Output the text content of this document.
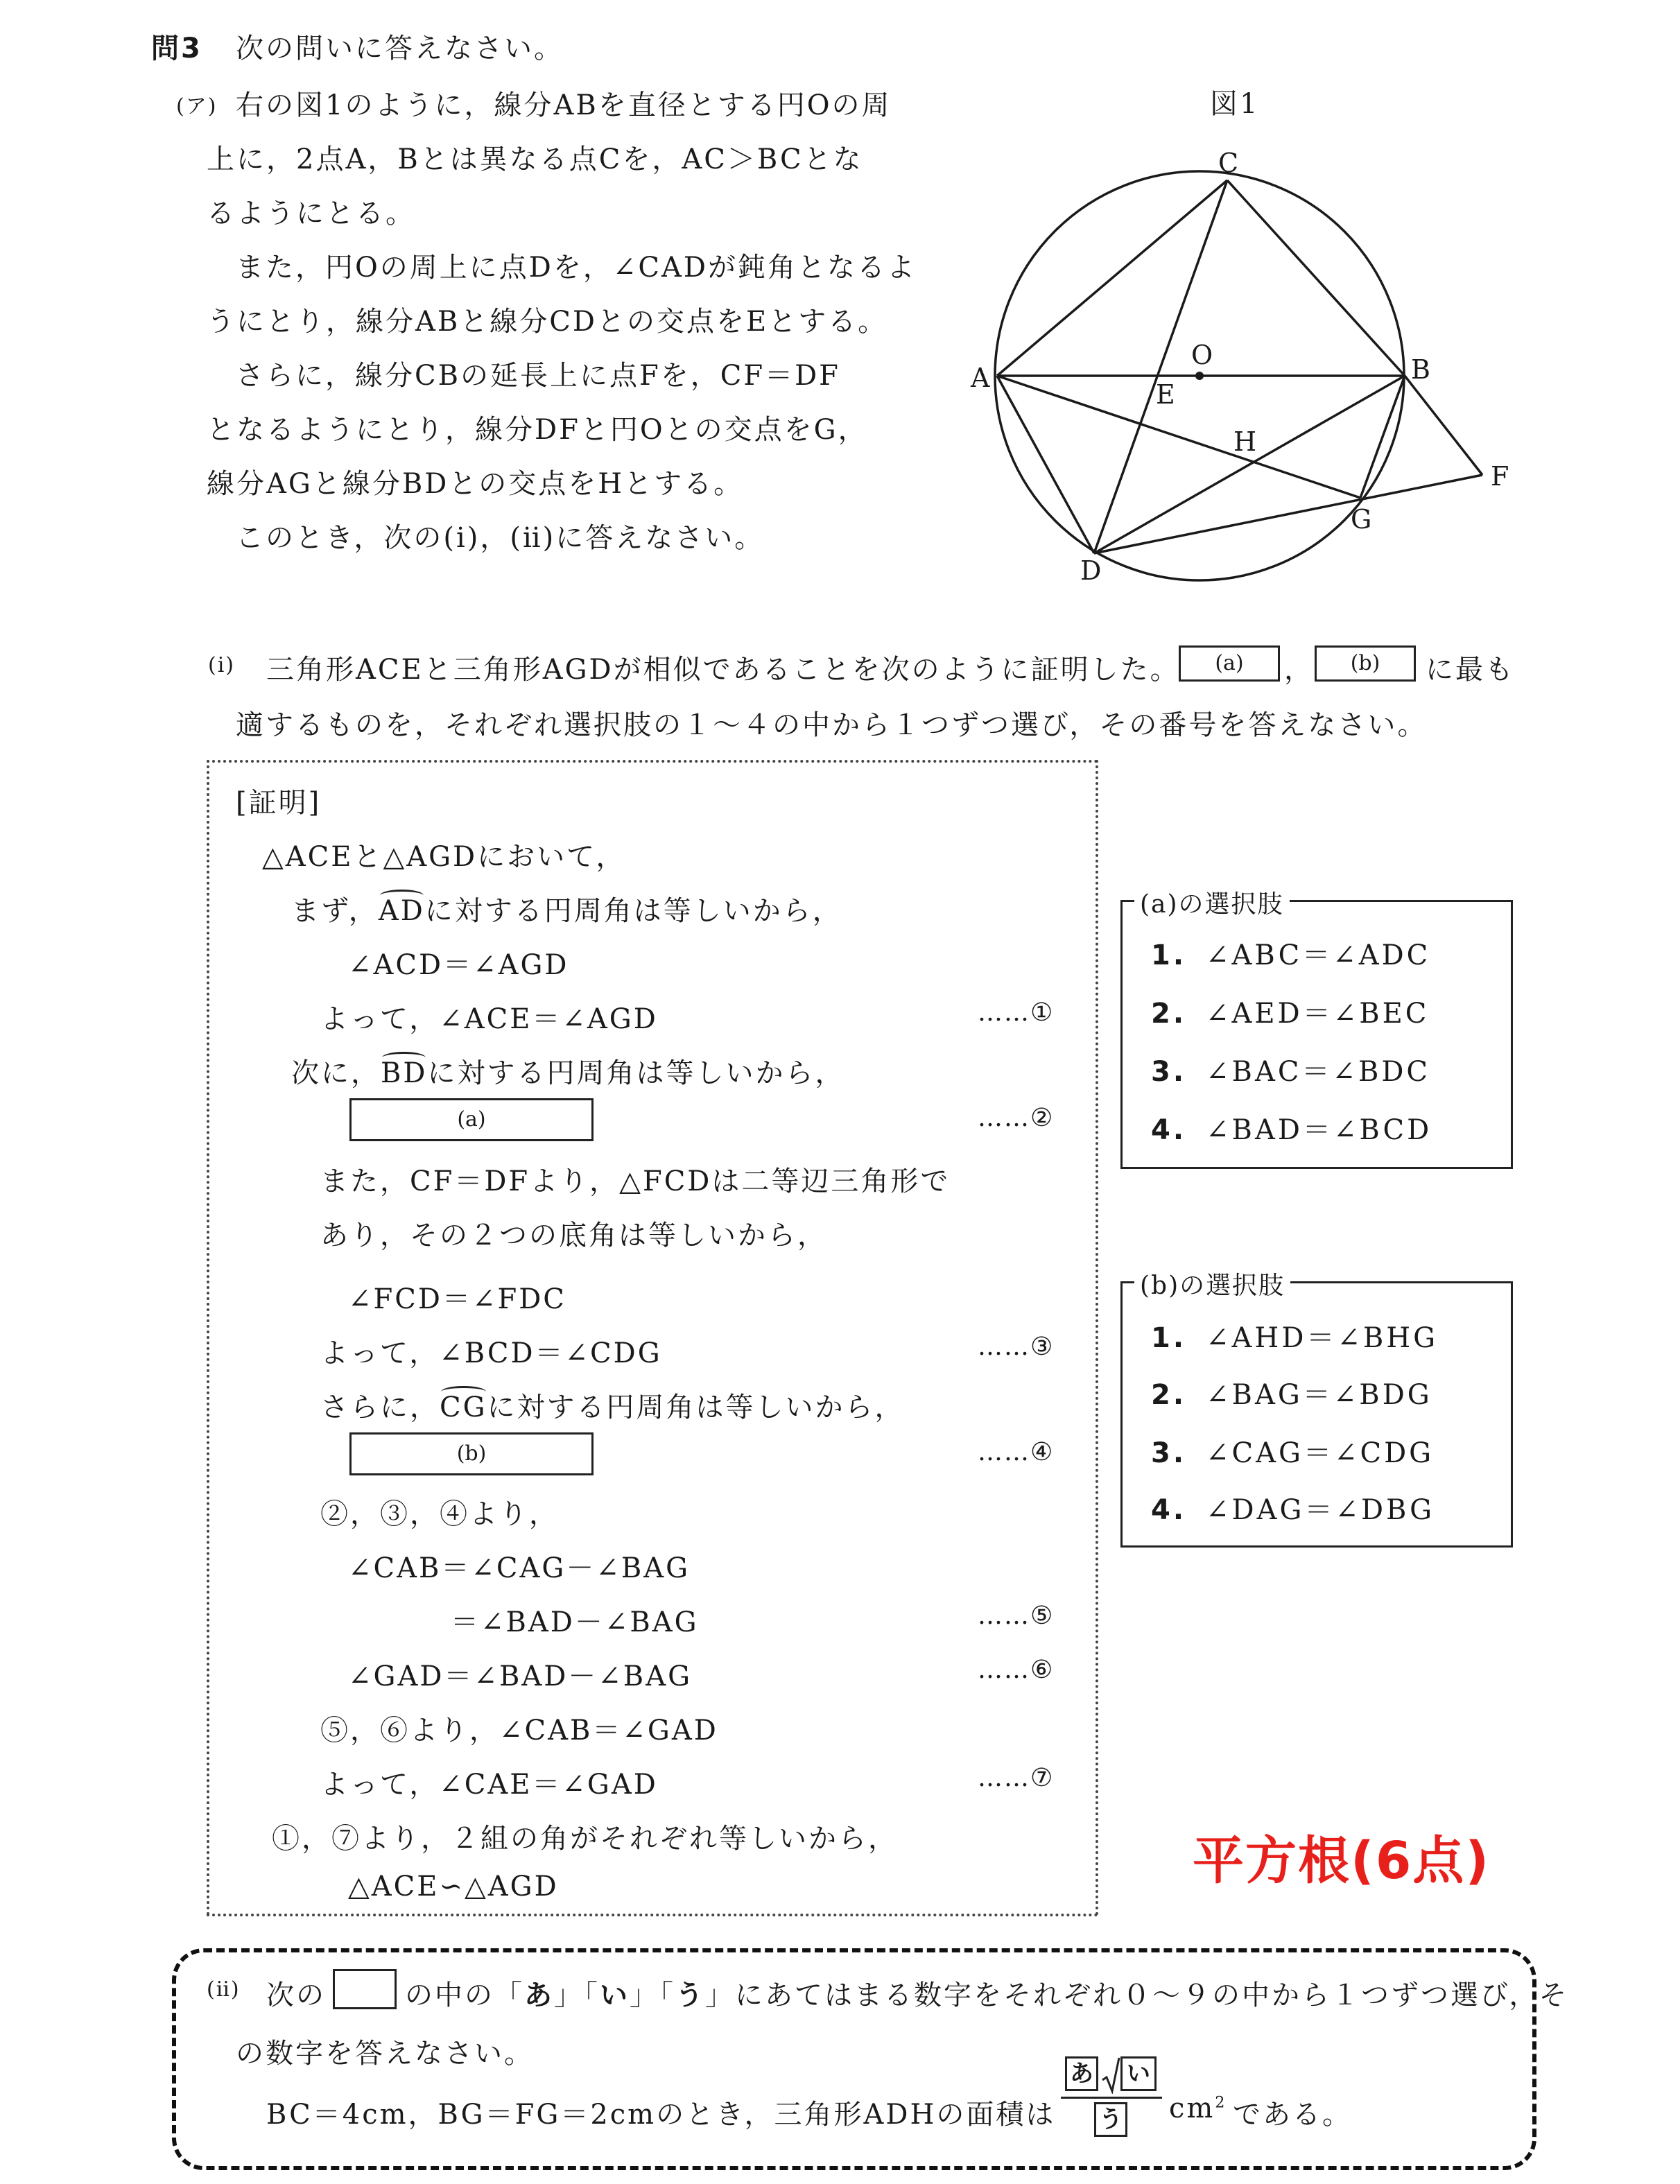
問3 次の問いに答えなさい。
(ア) 右の図1のように，線分ABを直径とする円Oの周
上に，2点A，Bとは異なる点Cを，AC＞BCとな
るようにとる。
また，円Oの周上に点Dを，∠CADが鈍角となるよ
うにとり，線分ABと線分CDとの交点をEとする。
さらに，線分CBの延長上に点Fを，CF＝DF
となるようにとり，線分DFと円Oとの交点をG，
線分AGと線分BDとの交点をHとする。
このとき，次の(ⅰ)，(ⅱ)に答えなさい。
図1
C
A	B
O
E
H
G
F
D
(ⅰ) 三角形ACEと三角形AGDが相似であることを次のように証明した。	(a)	，	(b)	に最も
適するものを，それぞれ選択肢の１～４の中から１つずつ選び，その番号を答えなさい。
[証明]
△ACEと△AGDにおいて，
まず，ADに対する円周角は等しいから，
∠ACD＝∠AGD
よって，∠ACE＝∠AGD	……①
次に，BDに対する円周角は等しいから，
(a)	……②
また，CF＝DFより，△FCDは二等辺三角形で
あり，その２つの底角は等しいから，
∠FCD＝∠FDC
よって，∠BCD＝∠CDG	……③
さらに，CGに対する円周角は等しいから，
(b)	……④
②，③，④より，
∠CAB＝∠CAG－∠BAG
＝∠BAD－∠BAG	……⑤
∠GAD＝∠BAD－∠BAG	……⑥
⑤，⑥より，∠CAB＝∠GAD
よって，∠CAE＝∠GAD	……⑦
①，⑦より，２組の角がそれぞれ等しいから，
△ACE∽△AGD
(a)の選択肢
1. ∠ABC＝∠ADC
2. ∠AED＝∠BEC
3. ∠BAC＝∠BDC
4. ∠BAD＝∠BCD
(b)の選択肢
1. ∠AHD＝∠BHG
2. ∠BAG＝∠BDG
3. ∠CAG＝∠CDG
4. ∠DAG＝∠DBG
平方根(6点)
(ⅱ) 次の	の中の「あ」「い」「う」にあてはまる数字をそれぞれ０～９の中から１つずつ選び，そ
の数字を答えなさい。
BC＝4cm，BG＝FG＝2cmのとき，三角形ADHの面積は
あ い
う $cm^2$ である。
